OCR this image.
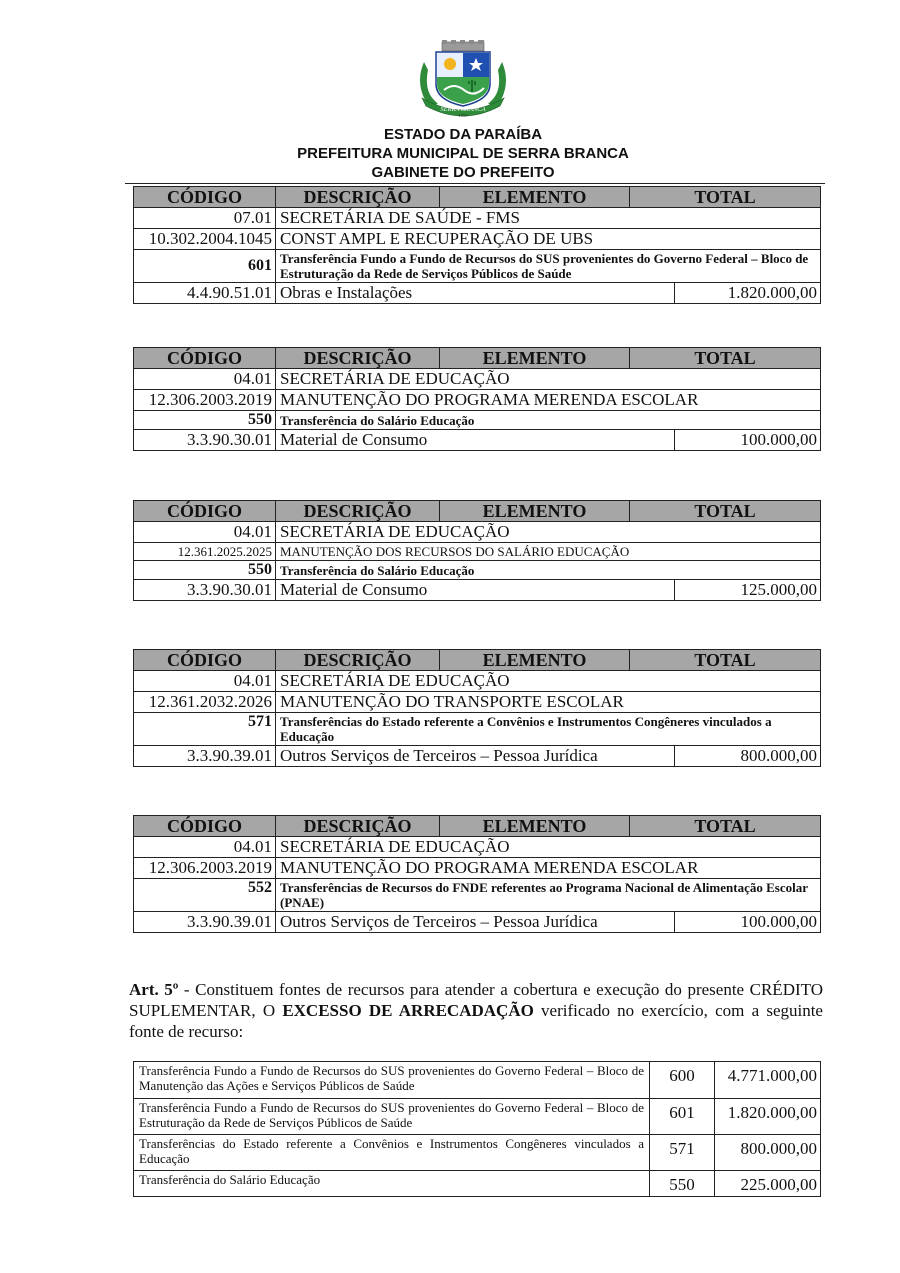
SERRA BRANCA
1959
ESTADO DA PARAÍBA
PREFEITURA MUNICIPAL DE SERRA BRANCA
GABINETE DO PREFEITO
CÓDIGO	DESCRIÇÃO	ELEMENTO	TOTAL	
07.01	SECRETÁRIA DE SAÚDE - FMS			
10.302.2004.1045	CONST AMPL E RECUPERAÇÃO DE UBS			
601	Transferência Fundo a Fundo de Recursos do SUS provenientes do Governo Federal – Bloco de Estruturação da Rede de Serviços Públicos de Saúde			
4.4.90.51.01	Obras e Instalações			1.820.000,00
CÓDIGO	DESCRIÇÃO	ELEMENTO	TOTAL	
04.01	SECRETÁRIA DE EDUCAÇÃO			
12.306.2003.2019	MANUTENÇÃO DO PROGRAMA MERENDA ESCOLAR			
550	Transferência do Salário Educação			
3.3.90.30.01	Material de Consumo			100.000,00
CÓDIGO	DESCRIÇÃO	ELEMENTO	TOTAL	
04.01	SECRETÁRIA DE EDUCAÇÃO			
12.361.2025.2025	MANUTENÇÃO DOS RECURSOS DO SALÁRIO EDUCAÇÃO			
550	Transferência do Salário Educação			
3.3.90.30.01	Material de Consumo			125.000,00
CÓDIGO	DESCRIÇÃO	ELEMENTO	TOTAL	
04.01	SECRETÁRIA DE EDUCAÇÃO			
12.361.2032.2026	MANUTENÇÃO DO TRANSPORTE ESCOLAR			
571	Transferências do Estado referente a Convênios e Instrumentos Congêneres vinculados a Educação			
3.3.90.39.01	Outros Serviços de Terceiros – Pessoa Jurídica			800.000,00
CÓDIGO	DESCRIÇÃO	ELEMENTO	TOTAL	
04.01	SECRETÁRIA DE EDUCAÇÃO			
12.306.2003.2019	MANUTENÇÃO DO PROGRAMA MERENDA ESCOLAR			
552	Transferências de Recursos do FNDE referentes ao Programa Nacional de Alimentação Escolar (PNAE)			
3.3.90.39.01	Outros Serviços de Terceiros – Pessoa Jurídica			100.000,00

Art. 5º - Constituem fontes de recursos para atender a cobertura e execução do presente CRÉDITO SUPLEMENTAR, O EXCESSO DE ARRECADAÇÃO verificado no exercício, com a seguinte fonte de recurso:

Transferência Fundo a Fundo de Recursos do SUS provenientes do Governo Federal – Bloco de Manutenção das Ações e Serviços Públicos de Saúde	600	4.771.000,00
Transferência Fundo a Fundo de Recursos do SUS provenientes do Governo Federal – Bloco de Estruturação da Rede de Serviços Públicos de Saúde	601	1.820.000,00
Transferências do Estado referente a Convênios e Instrumentos Congêneres vinculados a Educação	571	800.000,00
Transferência do Salário Educação	550	225.000,00
